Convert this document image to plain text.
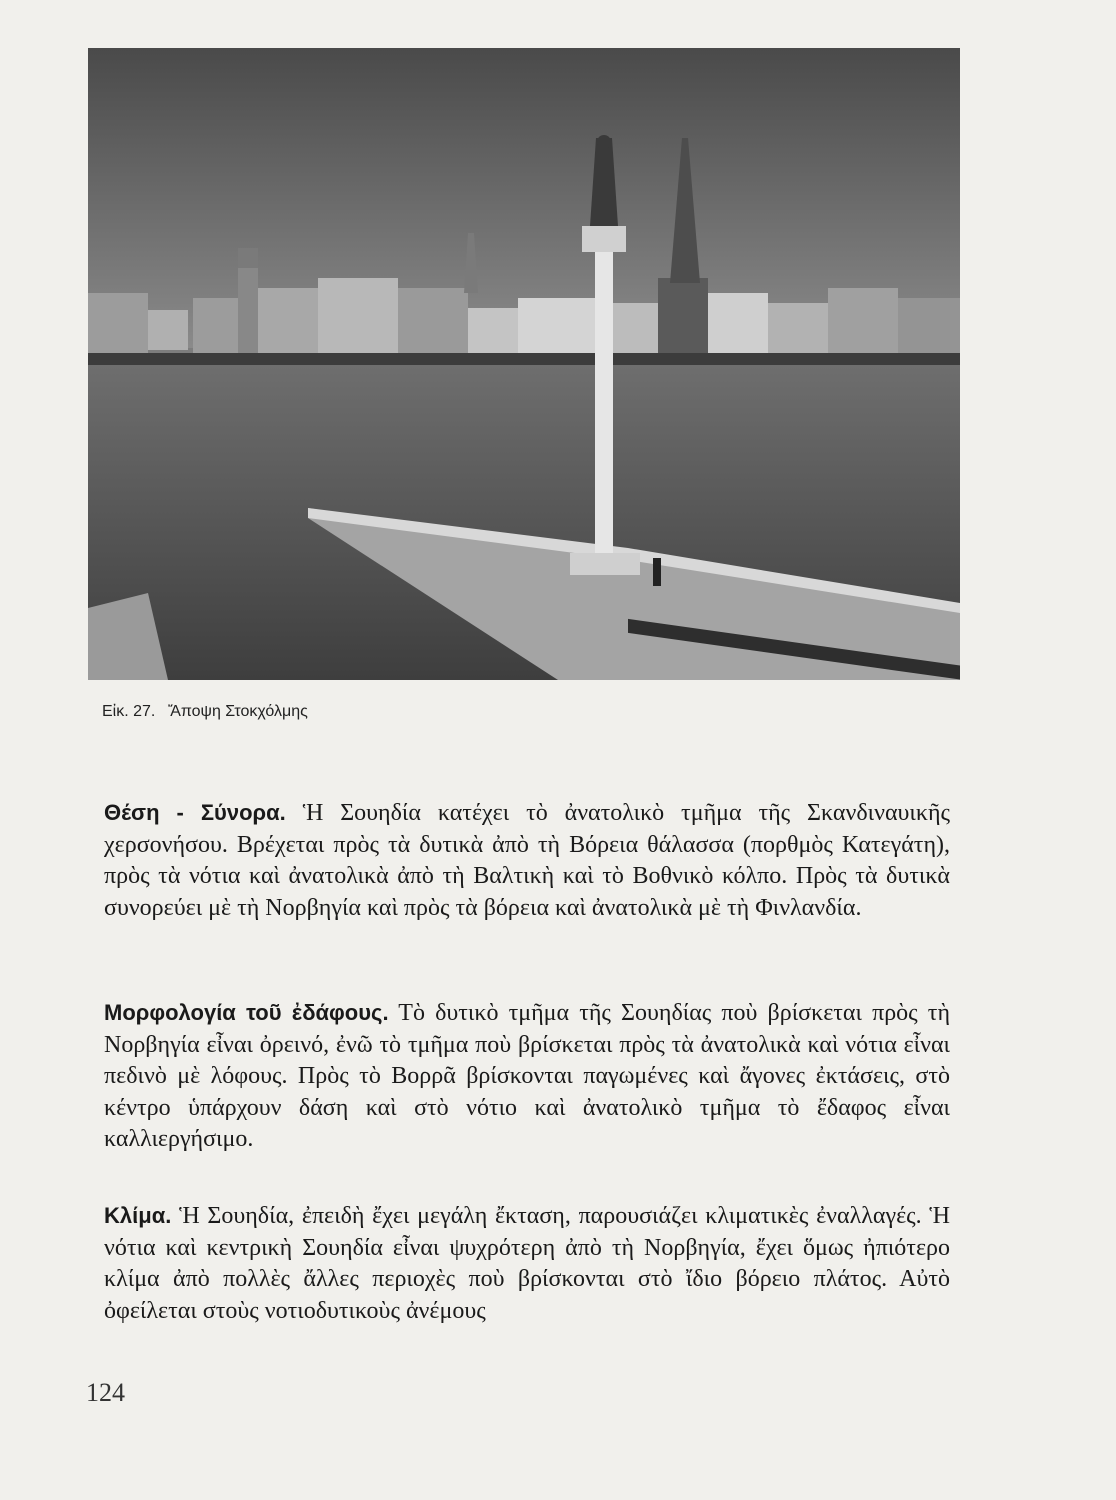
Εἰκ. 27. Ἄποψη Στοκχόλμης
Θέση - Σύνορα. Ἡ Σουηδία κατέχει τὸ ἀνατολικὸ τμῆμα τῆς Σκανδιναυικῆς χερσονήσου. Βρέχεται πρὸς τὰ δυτικὰ ἀπὸ τὴ Βόρεια θάλασσα (πορθμὸς Κατεγάτη), πρὸς τὰ νότια καὶ ἀνατολικὰ ἀπὸ τὴ Βαλτικὴ καὶ τὸ Βοθνικὸ κόλπο. Πρὸς τὰ δυτικὰ συνορεύει μὲ τὴ Νορβηγία καὶ πρὸς τὰ βόρεια καὶ ἀνατολικὰ μὲ τὴ Φινλανδία.
Μορφολογία τοῦ ἐδάφους. Τὸ δυτικὸ τμῆμα τῆς Σουηδίας ποὺ βρίσκεται πρὸς τὴ Νορβηγία εἶναι ὀρεινό, ἐνῶ τὸ τμῆμα ποὺ βρίσκεται πρὸς τὰ ἀνατολικὰ καὶ νότια εἶναι πεδινὸ μὲ λόφους. Πρὸς τὸ Βορρᾶ βρίσκονται παγωμένες καὶ ἄγονες ἐκτάσεις, στὸ κέντρο ὑπάρχουν δάση καὶ στὸ νότιο καὶ ἀνατολικὸ τμῆμα τὸ ἔδαφος εἶναι καλλιεργήσιμο.
Κλίμα. Ἡ Σουηδία, ἐπειδὴ ἔχει μεγάλη ἔκταση, παρουσιάζει κλιματικὲς ἐναλλαγές. Ἡ νότια καὶ κεντρικὴ Σουηδία εἶναι ψυχρότερη ἀπὸ τὴ Νορβηγία, ἔχει ὅμως ἠπιότερο κλίμα ἀπὸ πολλὲς ἄλλες περιοχὲς ποὺ βρίσκονται στὸ ἴδιο βόρειο πλάτος. Αὐτὸ ὀφείλεται στοὺς νοτιοδυτικοὺς ἀνέμους
124
